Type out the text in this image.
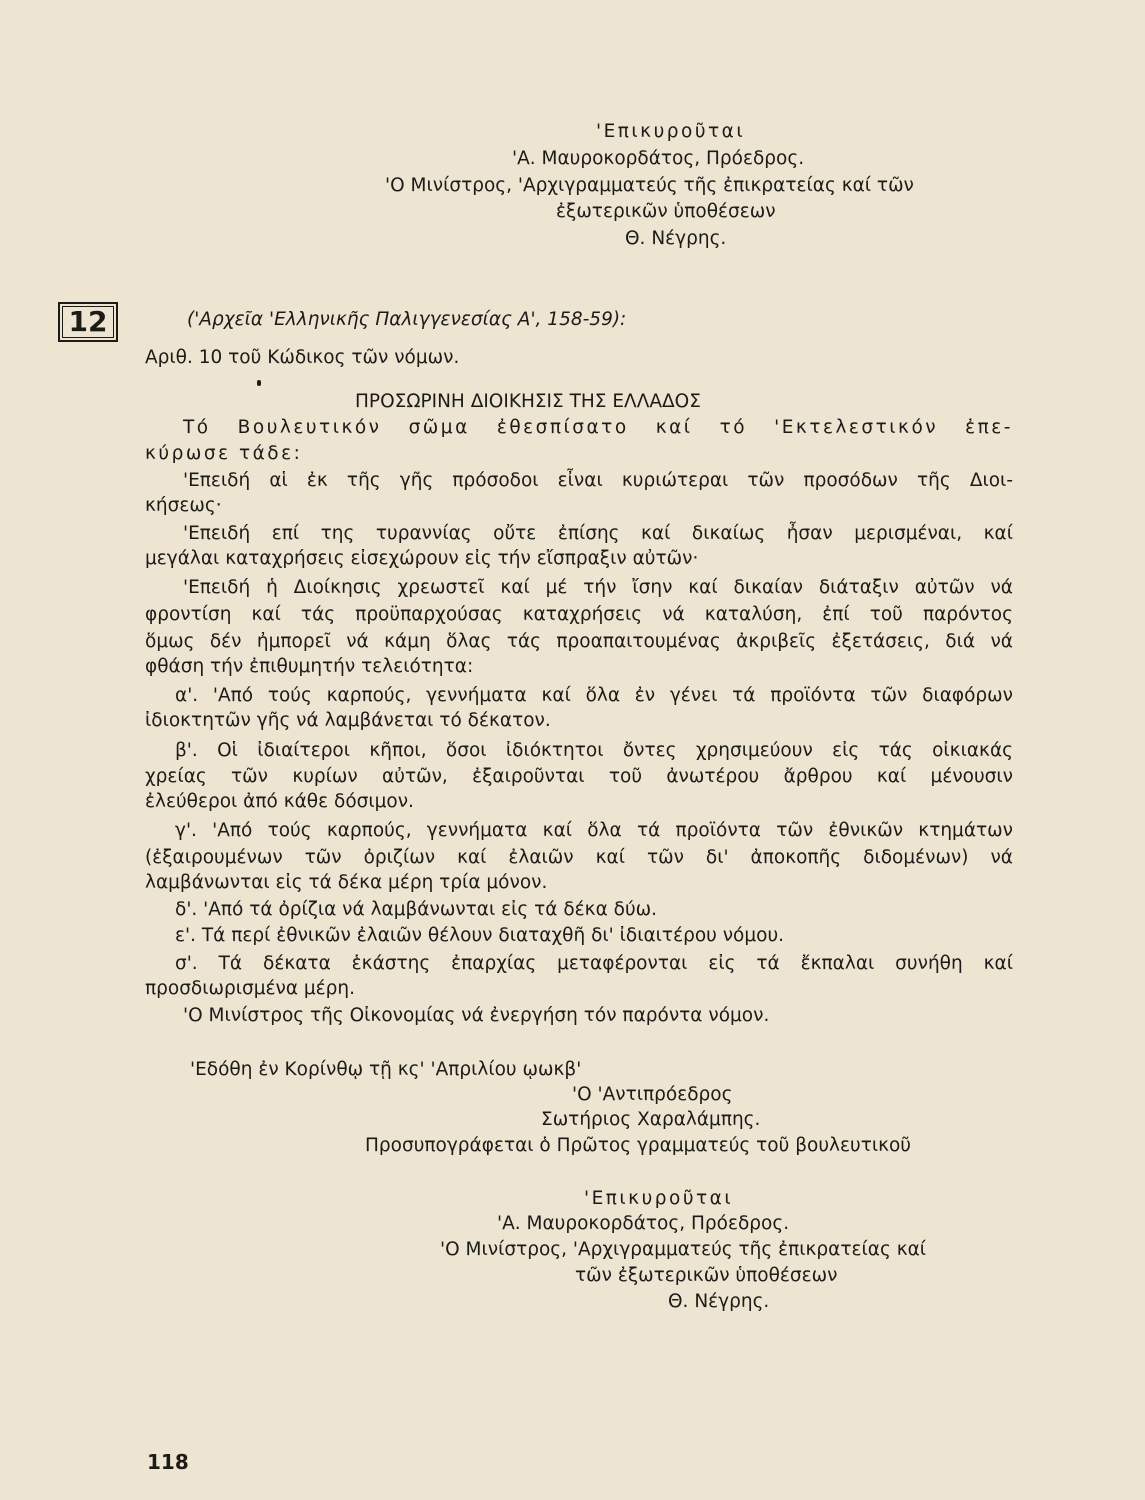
'Επικυροῦται
'Α. Μαυροκορδάτος, Πρόεδρος.
'Ο Μινίστρος, 'Αρχιγραμματεύς τῆς ἐπικρατείας καί τῶν
ἐξωτερικῶν ὑποθέσεων
Θ. Νέγρης.
12	('Αρχεῖα 'Ελληνικῆς Παλιγγενεσίας Α', 158-59):
Αριθ. 10 τοῦ Κώδικος τῶν νόμων.
ΠΡΟΣΩΡΙΝΗ ΔΙΟΙΚΗΣΙΣ ΤΗΣ ΕΛΛΑΔΟΣ
Τό Βουλευτικόν σῶμα ἐθεσπίσατο καί τό 'Εκτελεστικόν ἐπε-
κύρωσε τάδε:
'Επειδή αἱ ἐκ τῆς γῆς πρόσοδοι εἶναι κυριώτεραι τῶν προσόδων τῆς Διοι-
κήσεως·
'Επειδή επί της τυραννίας οὔτε ἐπίσης καί δικαίως ἦσαν μερισμέναι, καί
μεγάλαι καταχρήσεις εἰσεχώρουν εἰς τήν εἴσπραξιν αὐτῶν·
'Επειδή ἡ Διοίκησις χρεωστεῖ καί μέ τήν ἴσην καί δικαίαν διάταξιν αὐτῶν νά
φροντίση καί τάς προϋπαρχούσας καταχρήσεις νά καταλύση, ἐπί τοῦ παρόντος
ὅμως δέν ἠμπορεῖ νά κάμη ὅλας τάς προαπαιτουμένας ἀκριβεῖς ἐξετάσεις, διά νά
φθάση τήν ἐπιθυμητήν τελειότητα:
α'. 'Από τούς καρπούς, γεννήματα καί ὅλα ἐν γένει τά προϊόντα τῶν διαφόρων
ἰδιοκτητῶν γῆς νά λαμβάνεται τό δέκατον.
β'. Οἱ ἰδιαίτεροι κῆποι, ὅσοι ἰδιόκτητοι ὄντες χρησιμεύουν εἰς τάς οἰκιακάς
χρείας τῶν κυρίων αὐτῶν, ἐξαιροῦνται τοῦ ἀνωτέρου ἄρθρου καί μένουσιν
ἐλεύθεροι ἀπό κάθε δόσιμον.
γ'. 'Από τούς καρπούς, γεννήματα καί ὅλα τά προϊόντα τῶν ἐθνικῶν κτημάτων
(ἐξαιρουμένων τῶν ὀριζίων καί ἐλαιῶν καί τῶν δι' ἀποκοπῆς διδομένων) νά
λαμβάνωνται εἰς τά δέκα μέρη τρία μόνον.
δ'. 'Από τά ὀρίζια νά λαμβάνωνται εἰς τά δέκα δύω.
ε'. Τά περί ἐθνικῶν ἐλαιῶν θέλουν διαταχθῆ δι' ἰδιαιτέρου νόμου.
σ'. Τά δέκατα ἑκάστης ἐπαρχίας μεταφέρονται εἰς τά ἔκπαλαι συνήθη καί
προσδιωρισμένα μέρη.
'Ο Μινίστρος τῆς Οἰκονομίας νά ἐνεργήση τόν παρόντα νόμον.
'Εδόθη ἐν Κορίνθῳ τῇ κς' 'Απριλίου ῳωκβ'
'Ο 'Αντιπρόεδρος
Σωτήριος Χαραλάμπης.
Προσυπογράφεται ὁ Πρῶτος γραμματεύς τοῦ βουλευτικοῦ
'Επικυροῦται
'Α. Μαυροκορδάτος, Πρόεδρος.
'Ο Μινίστρος, 'Αρχιγραμματεύς τῆς ἐπικρατείας καί
τῶν ἐξωτερικῶν ὑποθέσεων
Θ. Νέγρης.
118
